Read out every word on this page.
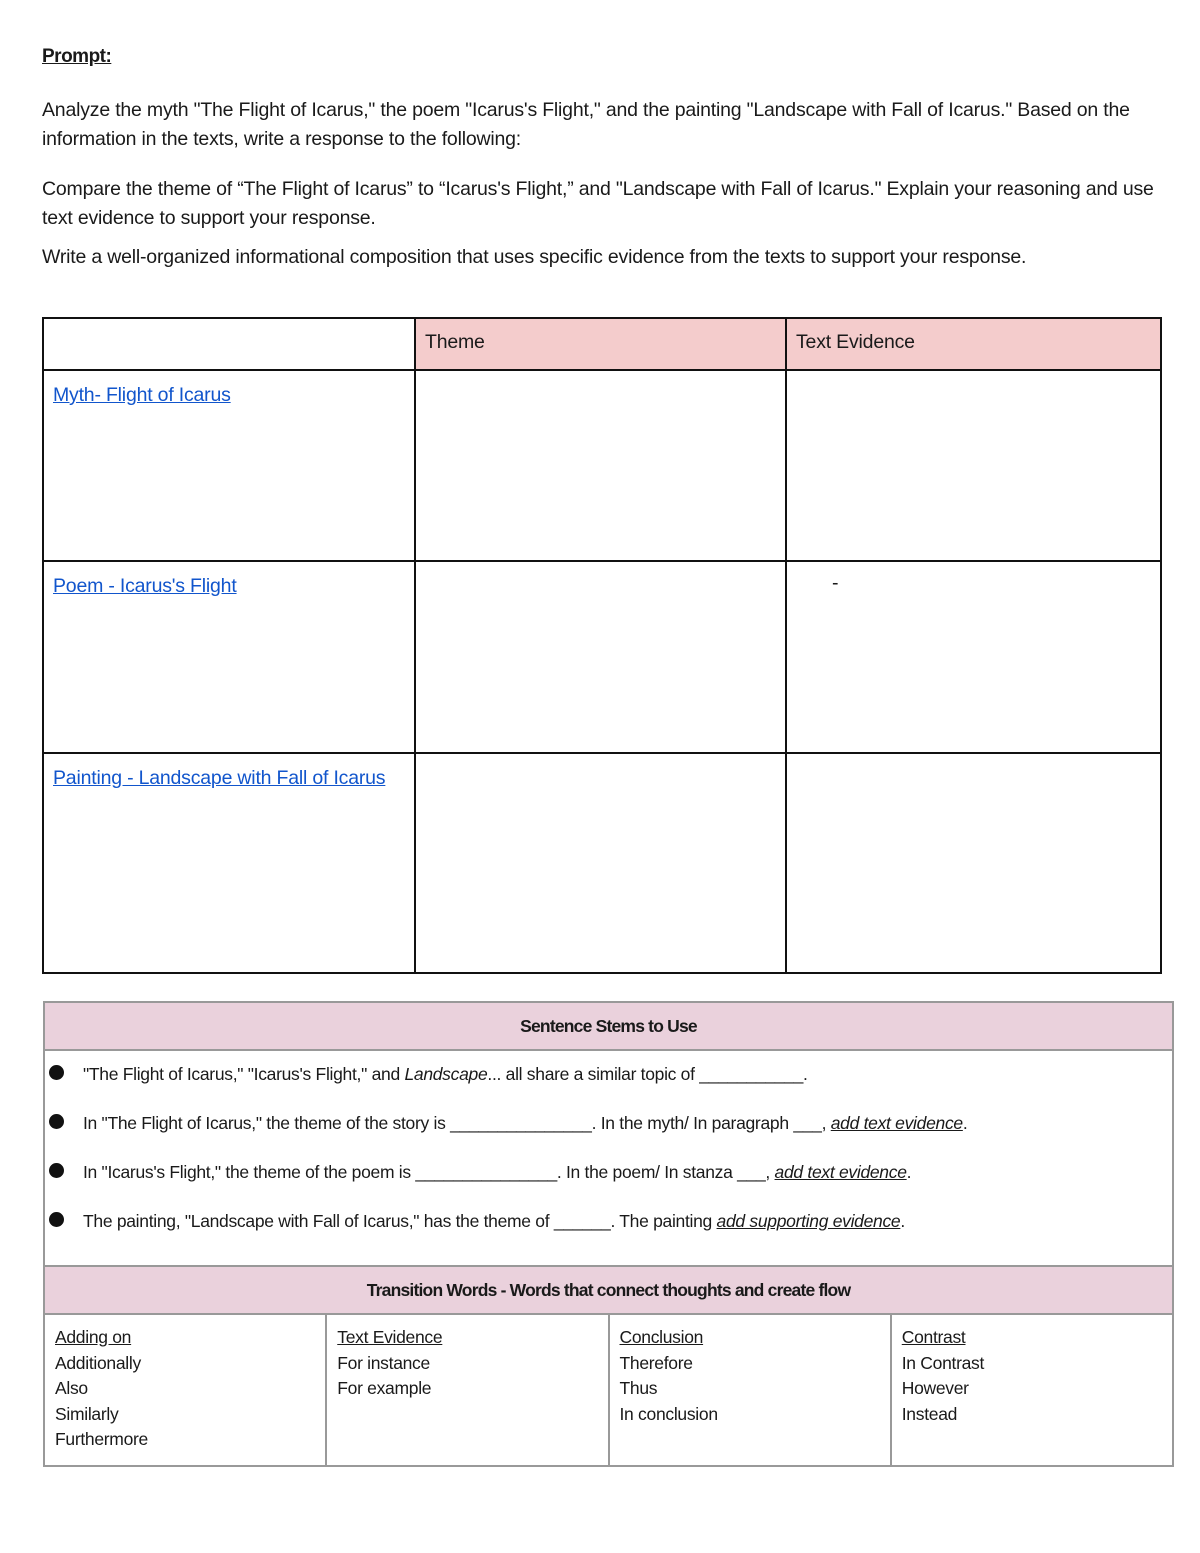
Prompt:
Analyze the myth "The Flight of Icarus," the poem "Icarus's Flight," and the painting "Landscape with Fall of Icarus." Based on the information in the texts, write a response to the following:
Compare the theme of “The Flight of Icarus” to “Icarus's Flight,” and "Landscape with Fall of Icarus." Explain your reasoning and use text evidence to support your response.
Write a well-organized informational composition that uses specific evidence from the texts to support your response.
	Theme	Text Evidence
Myth- Flight of Icarus		
Poem - Icarus's Flight		-
Painting - Landscape with Fall of Icarus		
Sentence Stems to Use

"The Flight of Icarus," "Icarus's Flight," and Landscape... all share a similar topic of ___________.
In "The Flight of Icarus," the theme of the story is _______________. In the myth/ In paragraph ___, add text evidence.
In "Icarus's Flight," the theme of the poem is _______________. In the poem/ In stanza ___, add text evidence.
The painting, "Landscape with Fall of Icarus," has the theme of ______. The painting add supporting evidence.

Transition Words - Words that connect thoughts and create flow

Adding on
Additionally
Also
Similarly
Furthermore

Text Evidence
For instance
For example

Conclusion
Therefore
Thus
In conclusion

Contrast
In Contrast
However
Instead
